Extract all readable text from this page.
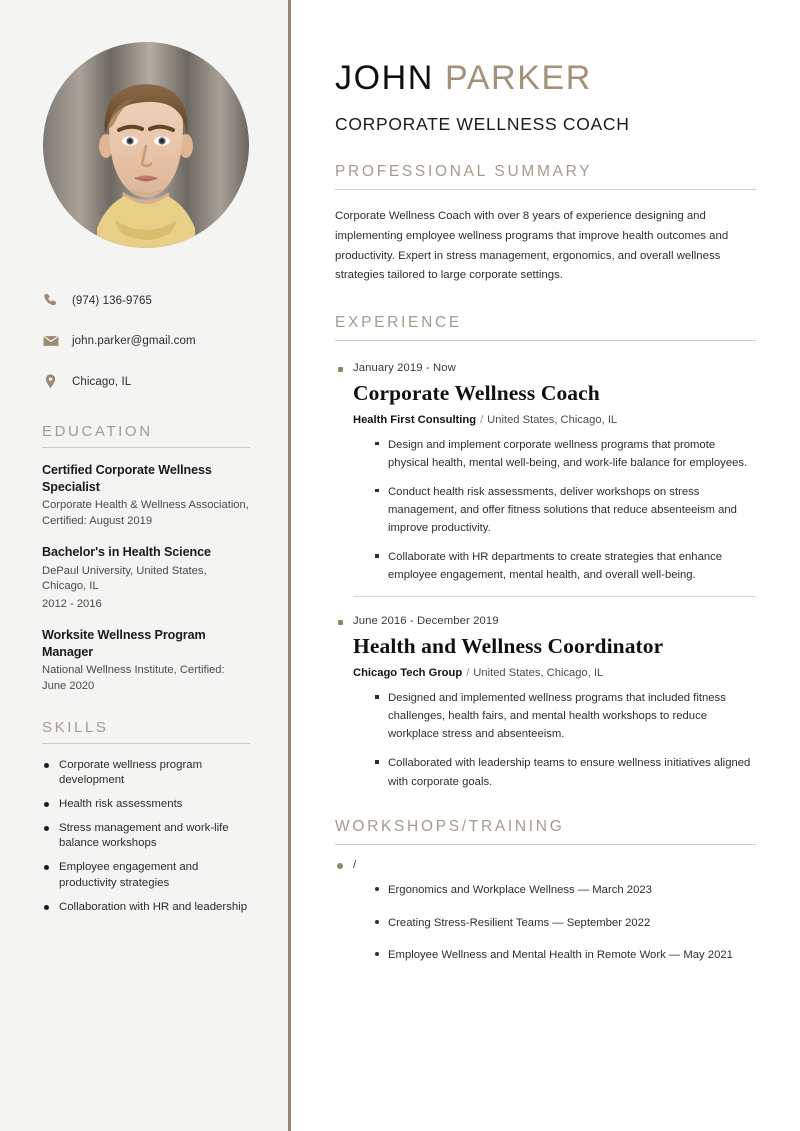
(974) 136-9765
john.parker@gmail.com
Chicago, IL
EDUCATION
Certified Corporate Wellness Specialist
Corporate Health & Wellness Association, Certified: August 2019
Bachelor's in Health Science
DePaul University, United States, Chicago, IL
2012 - 2016
Worksite Wellness Program Manager
National Wellness Institute, Certified: June 2020
SKILLS
Corporate wellness program development
Health risk assessments
Stress management and work-life balance workshops
Employee engagement and productivity strategies
Collaboration with HR and leadership
JOHN PARKER
CORPORATE WELLNESS COACH
PROFESSIONAL SUMMARY

Corporate Wellness Coach with over 8 years of experience designing and implementing employee wellness programs that improve health outcomes and productivity. Expert in stress management, ergonomics, and overall wellness strategies tailored to large corporate settings.

EXPERIENCE
January 2019 - Now
Corporate Wellness Coach
Health First Consulting / United States, Chicago, IL
Design and implement corporate wellness programs that promote physical health, mental well-being, and work-life balance for employees.
Conduct health risk assessments, deliver workshops on stress management, and offer fitness solutions that reduce absenteeism and improve productivity.
Collaborate with HR departments to create strategies that enhance employee engagement, mental health, and overall well-being.
June 2016 - December 2019
Health and Wellness Coordinator
Chicago Tech Group / United States, Chicago, IL
Designed and implemented wellness programs that included fitness challenges, health fairs, and mental health workshops to reduce workplace stress and absenteeism.
Collaborated with leadership teams to ensure wellness initiatives aligned with corporate goals.
WORKSHOPS/TRAINING
/
Ergonomics and Workplace Wellness — March 2023
Creating Stress-Resilient Teams — September 2022
Employee Wellness and Mental Health in Remote Work — May 2021
